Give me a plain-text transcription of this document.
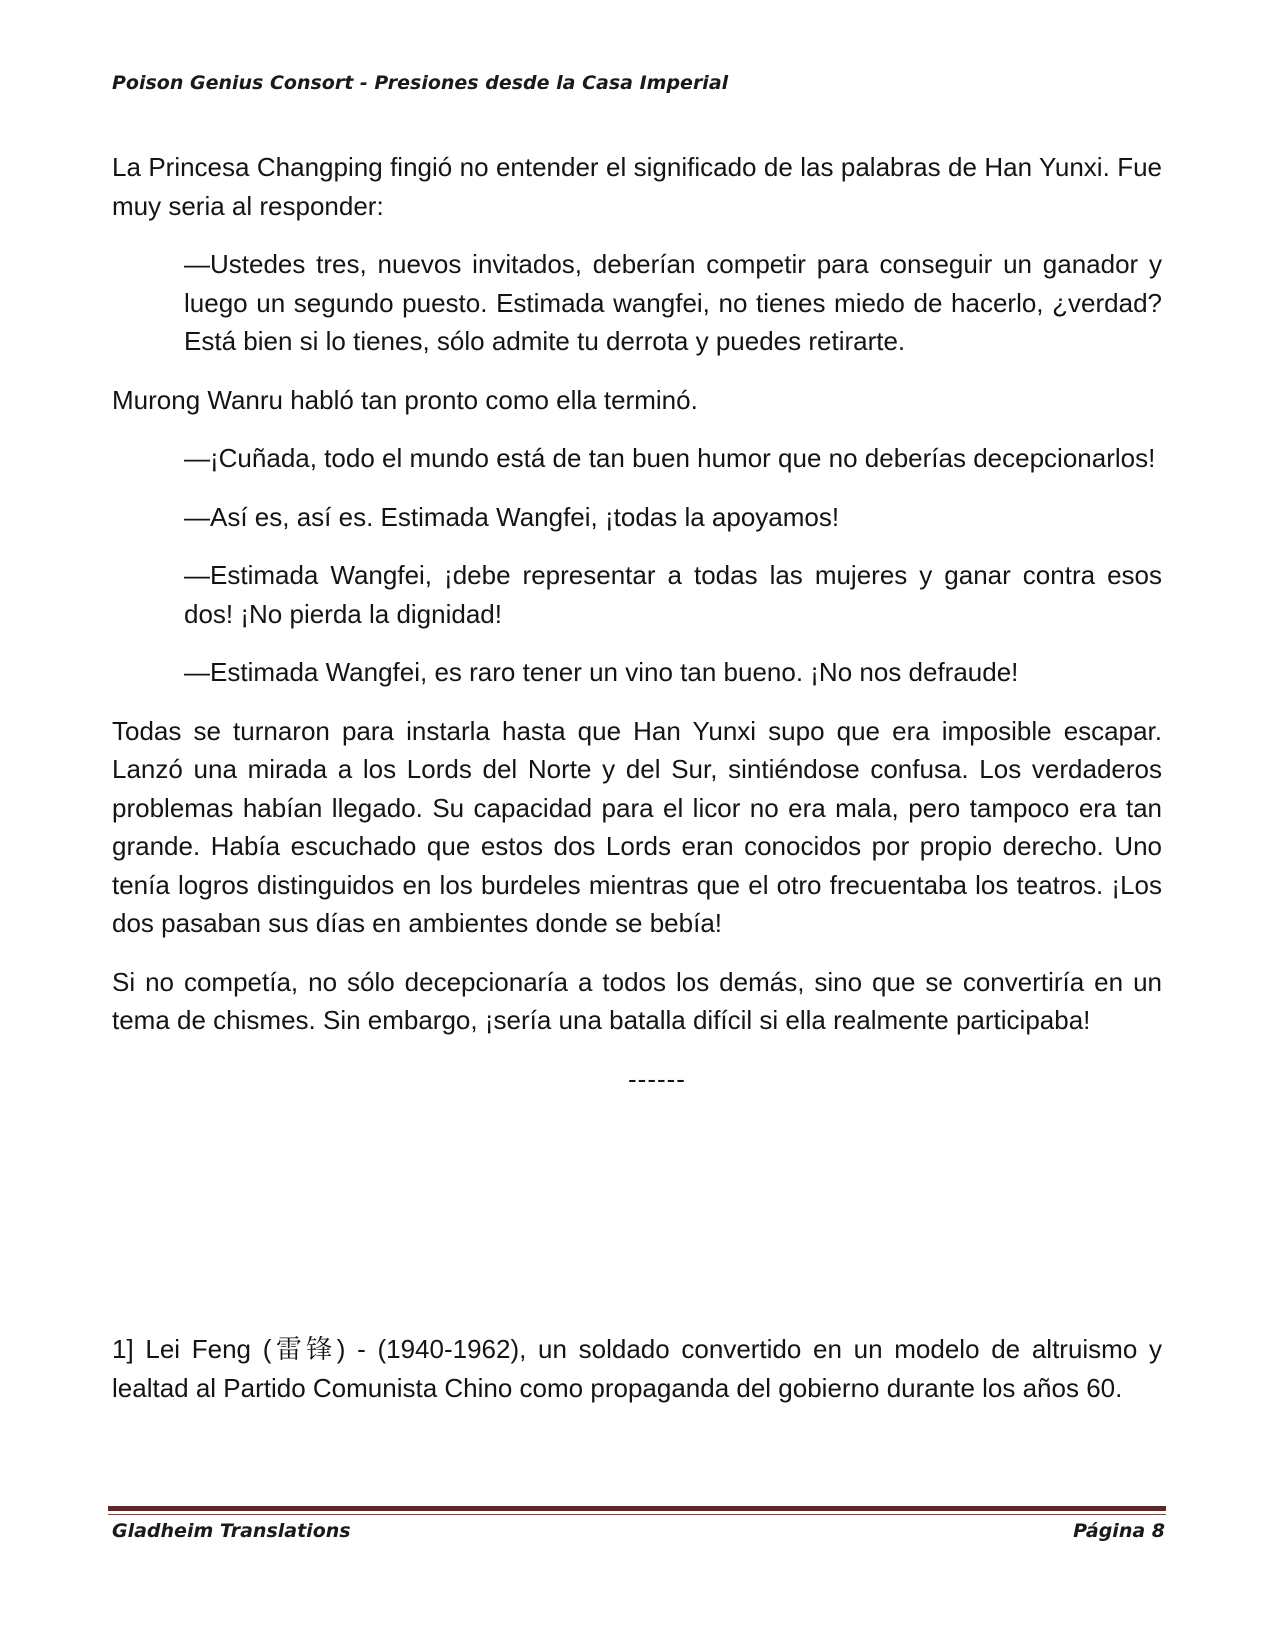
Poison Genius Consort - Presiones desde la Casa Imperial

La Princesa Changping fingió no entender el significado de las palabras de Han Yunxi. Fue muy seria al responder:

—Ustedes tres, nuevos invitados, deberían competir para conseguir un ganador y luego un segundo puesto. Estimada wangfei, no tienes miedo de hacerlo, ¿verdad? Está bien si lo tienes, sólo admite tu derrota y puedes retirarte.

Murong Wanru habló tan pronto como ella terminó.

—¡Cuñada, todo el mundo está de tan buen humor que no deberías decepcionarlos!

—Así es, así es. Estimada Wangfei, ¡todas la apoyamos!

—Estimada Wangfei, ¡debe representar a todas las mujeres y ganar contra esos dos! ¡No pierda la dignidad!

—Estimada Wangfei, es raro tener un vino tan bueno. ¡No nos defraude!

Todas se turnaron para instarla hasta que Han Yunxi supo que era imposible escapar. Lanzó una mirada a los Lords del Norte y del Sur, sintiéndose confusa. Los verdaderos problemas habían llegado. Su capacidad para el licor no era mala, pero tampoco era tan grande. Había escuchado que estos dos Lords eran conocidos por propio derecho. Uno tenía logros distinguidos en los burdeles mientras que el otro frecuentaba los teatros. ¡Los dos pasaban sus días en ambientes donde se bebía!

Si no competía, no sólo decepcionaría a todos los demás, sino que se convertiría en un tema de chismes. Sin embargo, ¡sería una batalla difícil si ella realmente participaba!

------

1] Lei Feng (雷锋) - (1940-1962), un soldado convertido en un modelo de altruismo y lealtad al Partido Comunista Chino como propaganda del gobierno durante los años 60.

Gladheim Translations	Página 8
